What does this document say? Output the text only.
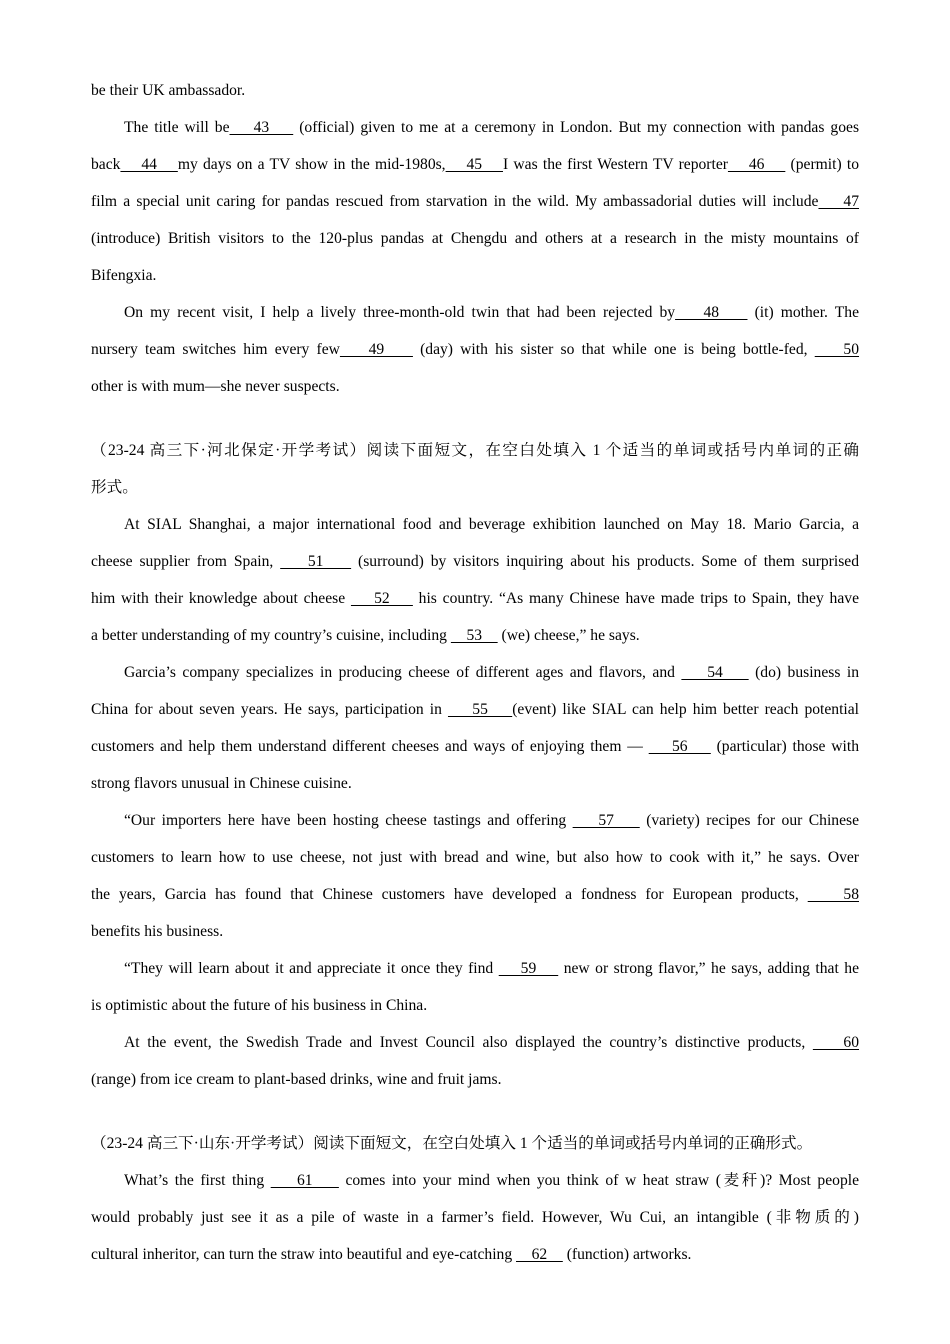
be their UK ambassador.
The title will be    43     (official) given to me at a ceremony in London. But my connection with pandas goes
back    44    my days on a TV show in the mid-1980s,    45    I was the first Western TV reporter    46     (permit) to
film a special unit caring for pandas rescued from starvation in the wild. My ambassadorial duties will include    47
(introduce) British visitors to the 120-plus pandas at Chengdu and others at a research in the misty mountains of
Bifengxia.
On my recent visit, I help a lively three-month-old twin that had been rejected by    48     (it) mother. The
nursery team switches him every few    49     (day) with his sister so that while one is being bottle-fed,     50
other is with mum—she never suspects.
（23-24 高三下·河北保定·开学考试）阅读下面短文，在空白处填入 1 个适当的单词或括号内单词的正确
形式。
At SIAL Shanghai, a major international food and beverage exhibition launched on May 18. Mario Garcia, a
cheese supplier from Spain,     51     (surround) by visitors inquiring about his products. Some of them surprised
him with their knowledge about cheese     52     his country. “As many Chinese have made trips to Spain, they have
a better understanding of my country’s cuisine, including     53     (we) cheese,” he says.
Garcia’s company specializes in producing cheese of different ages and flavors, and     54     (do) business in
China for about seven years. He says, participation in     55    (event) like SIAL can help him better reach potential
customers and help them understand different cheeses and ways of enjoying them —     56     (particular) those with
strong flavors unusual in Chinese cuisine.
“Our importers here have been hosting cheese tastings and offering     57     (variety) recipes for our Chinese
customers to learn how to use cheese, not just with bread and wine, but also how to cook with it,” he says. Over
the years, Garcia has found that Chinese customers have developed a fondness for European products,     58
benefits his business.
“They will learn about it and appreciate it once they find     59     new or strong flavor,” he says, adding that he
is optimistic about the future of his business in China.
At the event, the Swedish Trade and Invest Council also displayed the country’s distinctive products,     60
(range) from ice cream to plant-based drinks, wine and fruit jams.
（23-24 高三下·山东·开学考试）阅读下面短文，在空白处填入 1 个适当的单词或括号内单词的正确形式。
What’s the first thing     61     comes into your mind when you think of w heat straw (麦秆)? Most people
would probably just see it as a pile of waste in a farmer’s field. However, Wu Cui, an intangible (非物质的)
cultural inheritor, can turn the straw into beautiful and eye-catching     62     (function) artworks.
